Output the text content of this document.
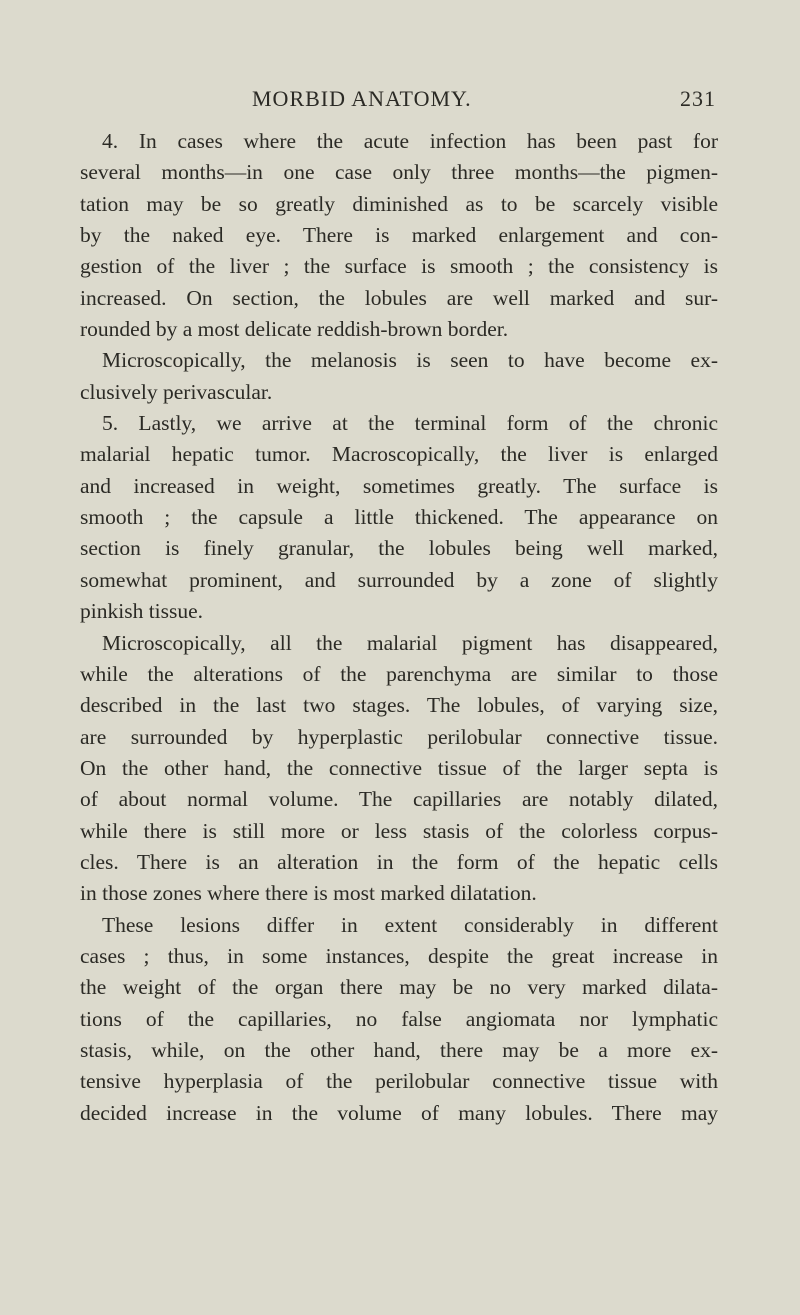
MORBID ANATOMY.	231
4. In cases where the acute infection has been past for
several months—in one case only three months—the pigmen-
tation may be so greatly diminished as to be scarcely visible
by the naked eye. There is marked enlargement and con-
gestion of the liver ; the surface is smooth ; the consistency is
increased. On section, the lobules are well marked and sur-
rounded by a most delicate reddish-brown border.
Microscopically, the melanosis is seen to have become ex-
clusively perivascular.
5. Lastly, we arrive at the terminal form of the chronic
malarial hepatic tumor. Macroscopically, the liver is enlarged
and increased in weight, sometimes greatly. The surface is
smooth ; the capsule a little thickened. The appearance on
section is finely granular, the lobules being well marked,
somewhat prominent, and surrounded by a zone of slightly
pinkish tissue.
Microscopically, all the malarial pigment has disappeared,
while the alterations of the parenchyma are similar to those
described in the last two stages. The lobules, of varying size,
are surrounded by hyperplastic perilobular connective tissue.
On the other hand, the connective tissue of the larger septa is
of about normal volume. The capillaries are notably dilated,
while there is still more or less stasis of the colorless corpus-
cles. There is an alteration in the form of the hepatic cells
in those zones where there is most marked dilatation.
These lesions differ in extent considerably in different
cases ; thus, in some instances, despite the great increase in
the weight of the organ there may be no very marked dilata-
tions of the capillaries, no false angiomata nor lymphatic
stasis, while, on the other hand, there may be a more ex-
tensive hyperplasia of the perilobular connective tissue with
decided increase in the volume of many lobules. There may
